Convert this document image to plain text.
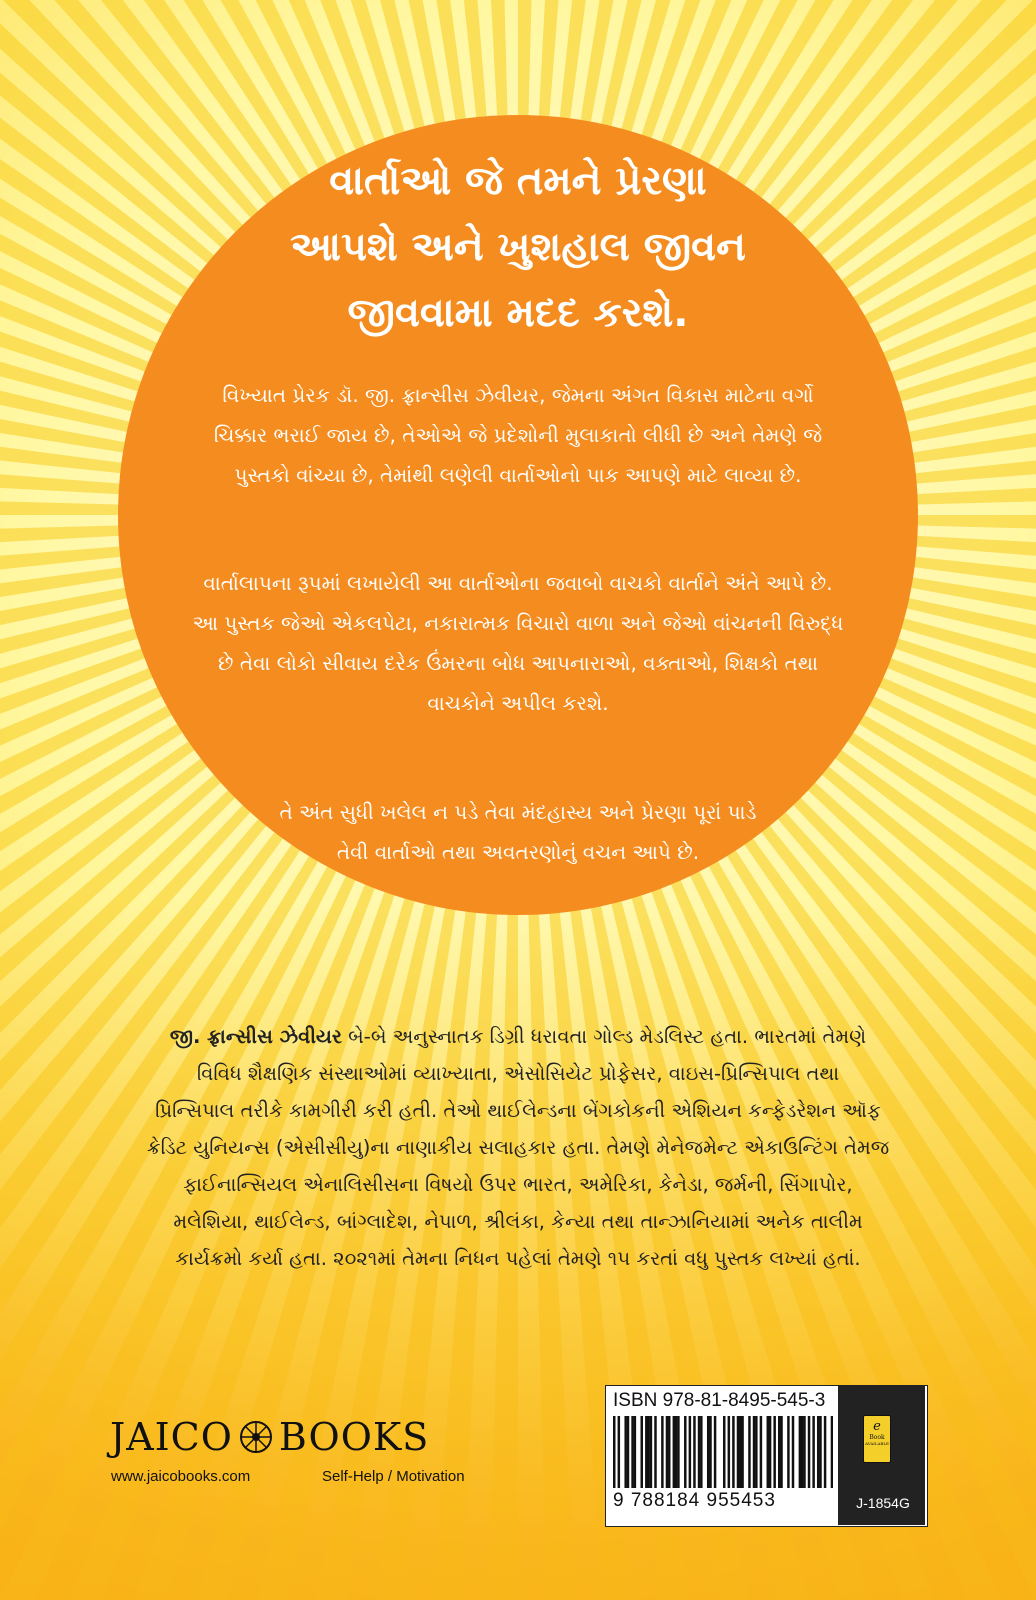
વાર્તાઓ જે તમને પ્રેરણા
આપશે અને ખુશહાલ જીવન
જીવવામા મદદ કરશે.
વિખ્યાત પ્રેરક ડૉ. જી. ફ્રાન્સીસ ઝેવીયર, જેમના અંગત વિકાસ માટેના વર્ગો
ચિક્કાર ભરાઈ જાય છે, તેઓએ જે પ્રદેશોની મુલાકાતો લીધી છે અને તેમણે જે
પુસ્તકો વાંચ્યા છે, તેમાંથી લણેલી વાર્તાઓનો પાક આપણે માટે લાવ્યા છે.
વાર્તાલાપના રૂપમાં લખાયેલી આ વાર્તાઓના જવાબો વાચકો વાર્તાને અંતે આપે છે.
આ પુસ્તક જેઓ એકલપેટા, નકારાત્મક વિચારો વાળા અને જેઓ વાંચનની વિરુદ્ધ
છે તેવા લોકો સીવાય દરેક ઉંમરના બોધ આપનારાઓ, વક્તાઓ, શિક્ષકો તથા
વાચકોને અપીલ કરશે.
તે અંત સુધી ખલેલ ન પડે તેવા મંદહાસ્ય અને પ્રેરણા પૂરાં પાડે
તેવી વાર્તાઓ તથા અવતરણોનું વચન આપે છે.
જી. ફ્રાન્સીસ ઝેવીયર બે-બે અનુસ્નાતક ડિગ્રી ધરાવતા ગોલ્ડ મેડલિસ્ટ હતા. ભારતમાં તેમણે
વિવિધ શૈક્ષણિક સંસ્થાઓમાં વ્યાખ્યાતા, એસોસિયેટ પ્રોફેસર, વાઇસ-પ્રિન્સિપાલ તથા
પ્રિન્સિપાલ તરીકે કામગીરી કરી હતી. તેઓ થાઈલેન્ડના બેંગકોકની એશિયન કન્ફેડરેશન ઑફ
ક્રેડિટ યુનિયન્સ (એસીસીયુ)ના નાણાકીય સલાહકાર હતા. તેમણે મેનેજમેન્ટ એકાઉન્ટિંગ તેમજ
ફાઈનાન્સિયલ એનાલિસીસના વિષયો ઉપર ભારત, અમેરિકા, કેનેડા, જર્મની, સિંગાપોર,
મલેશિયા, થાઈલેન્ડ, બાંગ્લાદેશ, નેપાળ, શ્રીલંકા, કેન્યા તથા તાન્ઝાનિયામાં અનેક તાલીમ
કાર્યક્રમો કર્યા હતા. ૨૦૨૧માં તેમના નિધન પહેલાં તેમણે ૧૫ કરતાં વધુ પુસ્તક લખ્યાં હતાં.
JAICO BOOKS
www.jaicobooks.com	Self-Help / Motivation
ISBN 978-81-8495-545-3
9 788184 955453
e
Book
AVAILABLE
J-1854G
